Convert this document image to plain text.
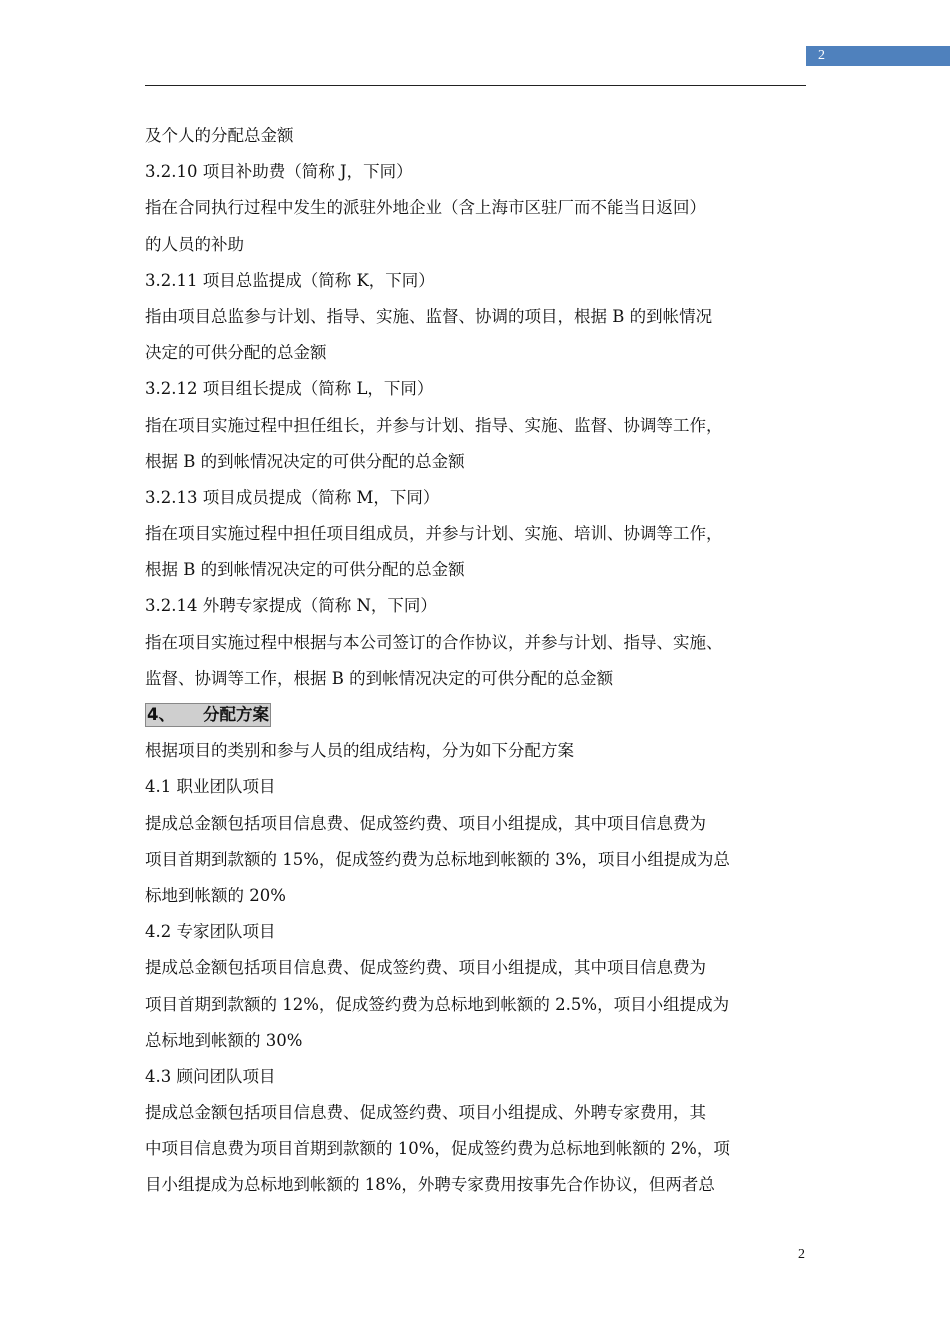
2
及个人的分配总金额
3.2.10 项目补助费（简称 J，下同）
指在合同执行过程中发生的派驻外地企业（含上海市区驻厂而不能当日返回）
的人员的补助
3.2.11 项目总监提成（简称 K，下同）
指由项目总监参与计划、指导、实施、监督、协调的项目，根据 B 的到帐情况
决定的可供分配的总金额
3.2.12 项目组长提成（简称 L，下同）
指在项目实施过程中担任组长，并参与计划、指导、实施、监督、协调等工作，
根据 B 的到帐情况决定的可供分配的总金额
3.2.13 项目成员提成（简称 M，下同）
指在项目实施过程中担任项目组成员，并参与计划、实施、培训、协调等工作，
根据 B 的到帐情况决定的可供分配的总金额
3.2.14 外聘专家提成（简称 N，下同）
指在项目实施过程中根据与本公司签订的合作协议，并参与计划、指导、实施、
监督、协调等工作，根据 B 的到帐情况决定的可供分配的总金额
4、 分配方案
根据项目的类别和参与人员的组成结构，分为如下分配方案
4.1 职业团队项目
提成总金额包括项目信息费、促成签约费、项目小组提成，其中项目信息费为
项目首期到款额的 15%，促成签约费为总标地到帐额的 3%，项目小组提成为总
标地到帐额的 20%
4.2 专家团队项目
提成总金额包括项目信息费、促成签约费、项目小组提成，其中项目信息费为
项目首期到款额的 12%，促成签约费为总标地到帐额的 2.5%，项目小组提成为
总标地到帐额的 30%
4.3 顾问团队项目
提成总金额包括项目信息费、促成签约费、项目小组提成、外聘专家费用，其
中项目信息费为项目首期到款额的 10%，促成签约费为总标地到帐额的 2%，项
目小组提成为总标地到帐额的 18%，外聘专家费用按事先合作协议，但两者总
2
